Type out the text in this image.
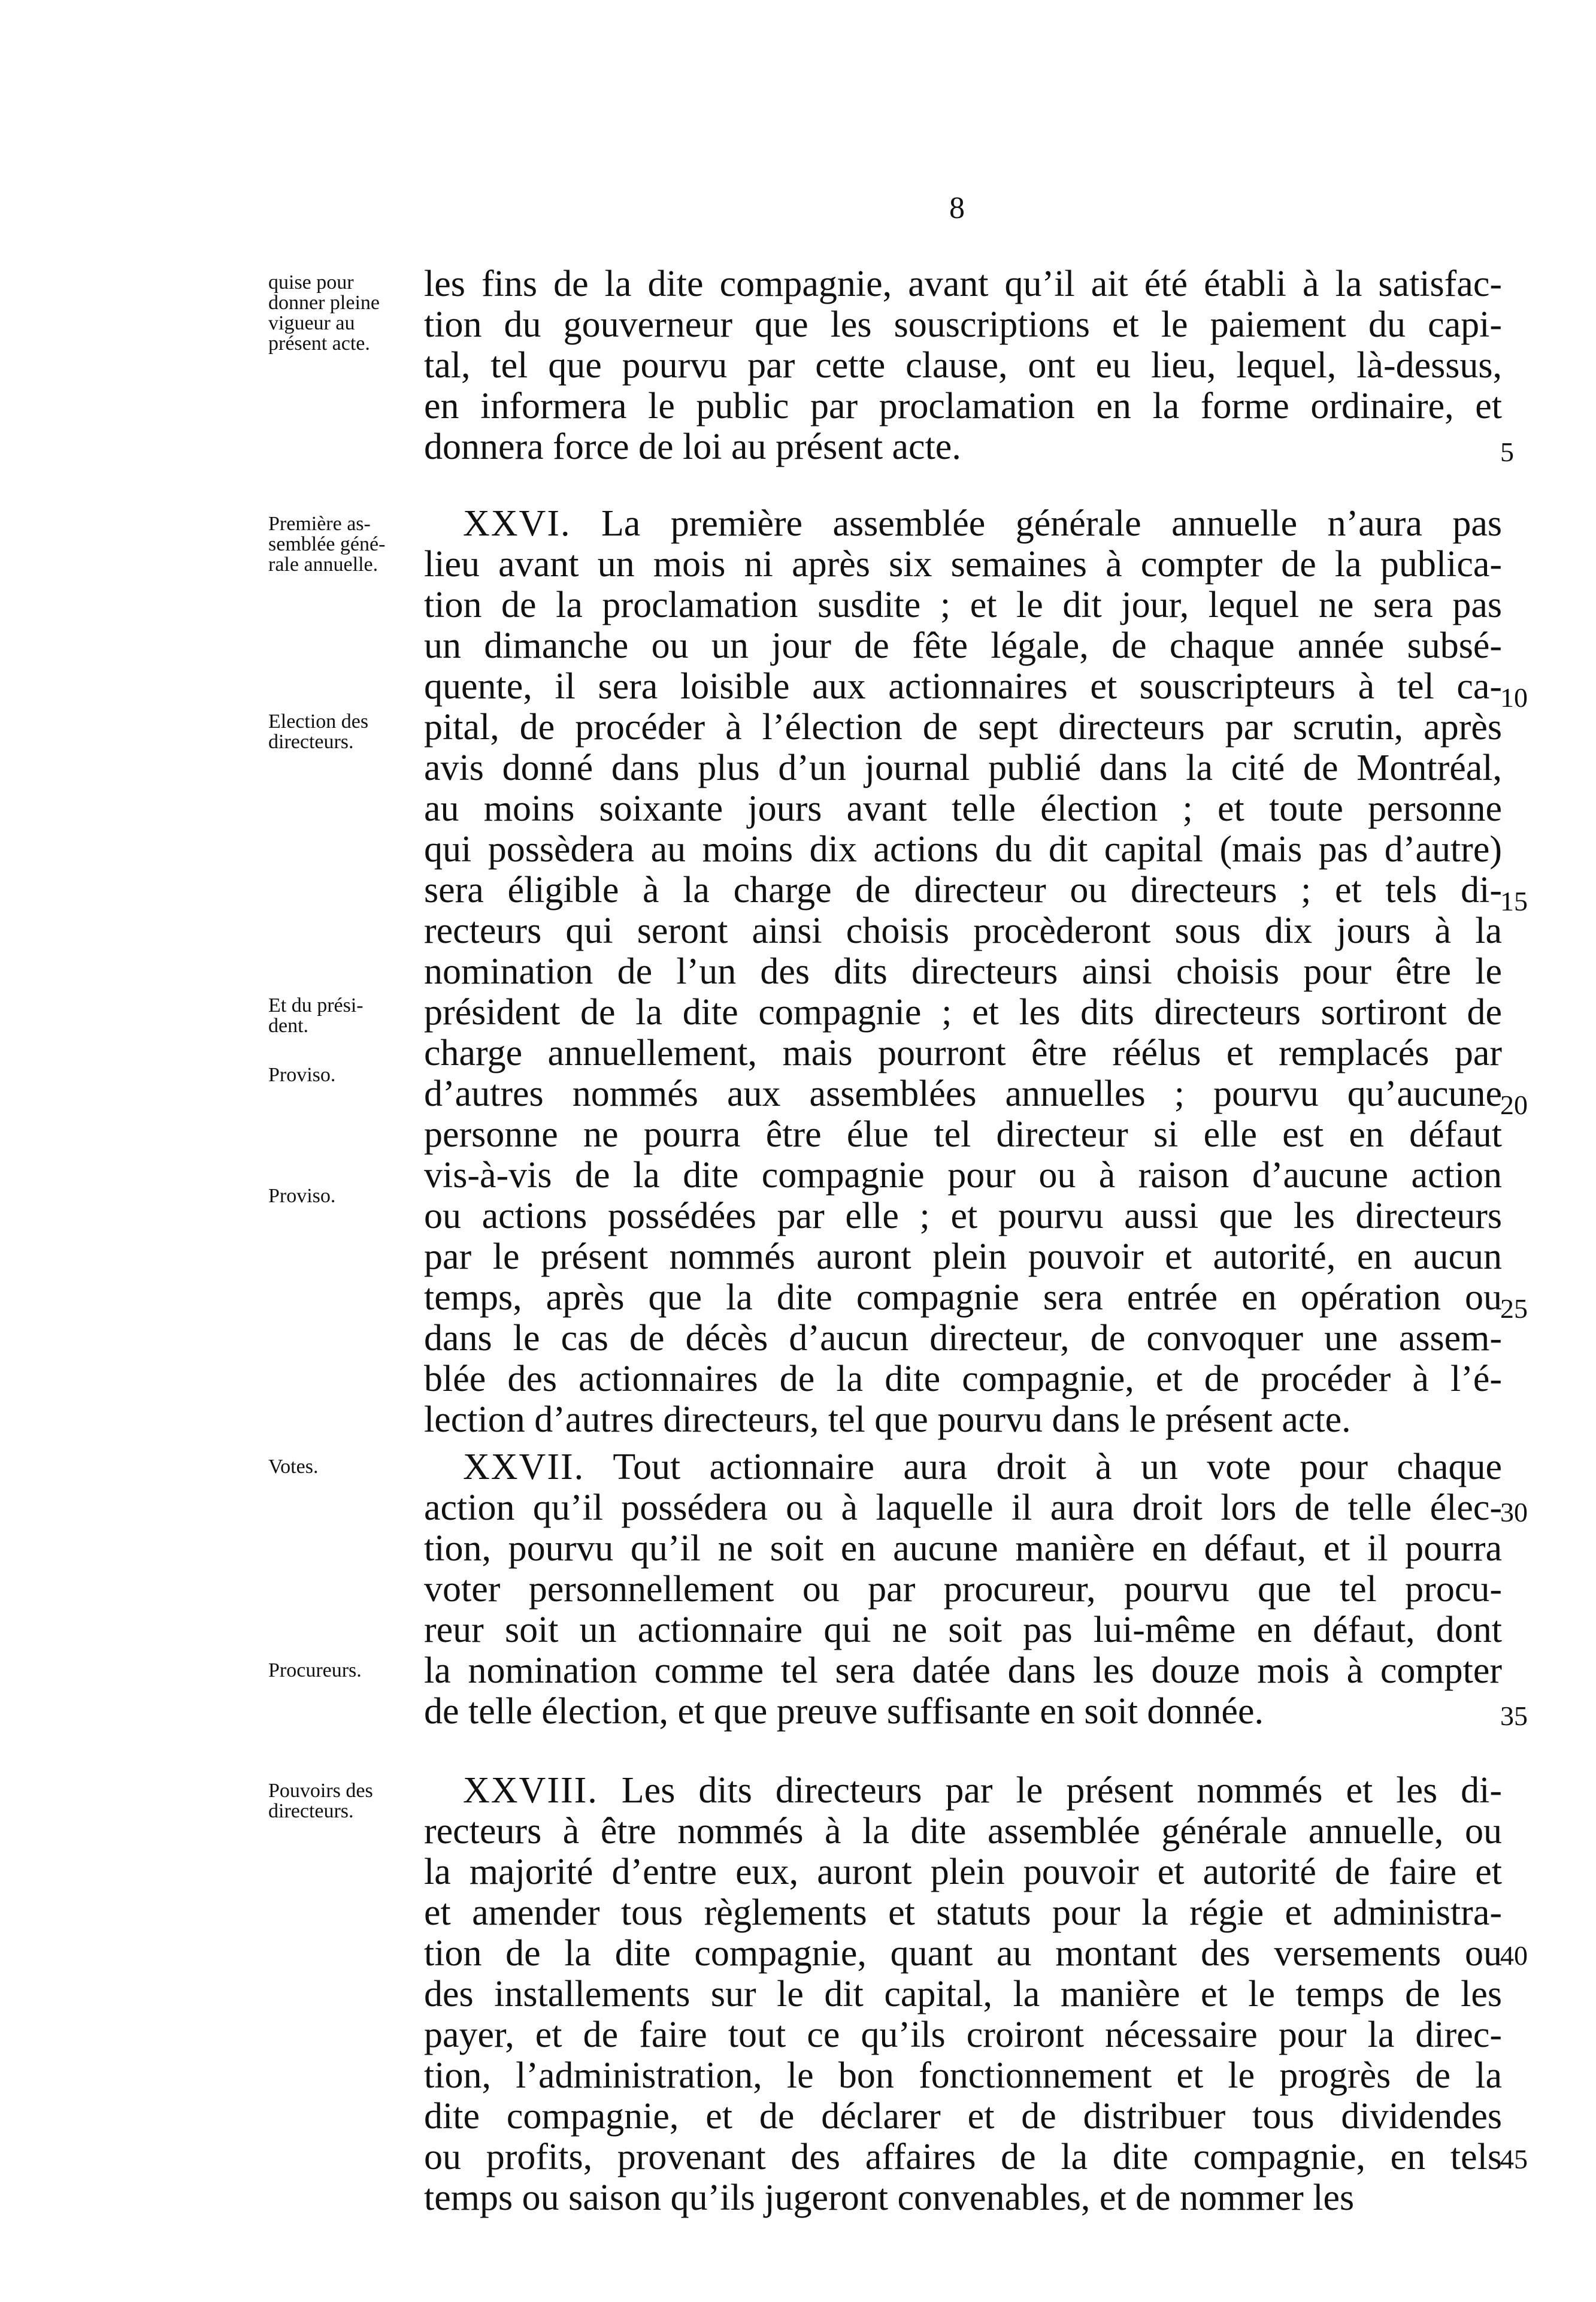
8
quise pour
donner pleine
vigueur au
présent acte.
Première as-
semblée géné-
rale annuelle.
Election des
directeurs.
Et du prési-
dent.
Proviso.
Proviso.
Votes.
Procureurs.
Pouvoirs des
directeurs.
les fins de la dite compagnie, avant qu’il ait été établi à la satisfac-
tion du gouverneur que les souscriptions et le paiement du capi-
tal, tel que pourvu par cette clause, ont eu lieu, lequel, là-dessus,
en informera le public par proclamation en la forme ordinaire, et
donnera force de loi au présent acte.
XXVI. La première assemblée générale annuelle n’aura pas
lieu avant un mois ni après six semaines à compter de la publica-
tion de la proclamation susdite ; et le dit jour, lequel ne sera pas
un dimanche ou un jour de fête légale, de chaque année subsé-
quente, il sera loisible aux actionnaires et souscripteurs à tel ca-
pital, de procéder à l’élection de sept directeurs par scrutin, après
avis donné dans plus d’un journal publié dans la cité de Montréal,
au moins soixante jours avant telle élection ; et toute personne
qui possèdera au moins dix actions du dit capital (mais pas d’autre)
sera éligible à la charge de directeur ou directeurs ; et tels di-
recteurs qui seront ainsi choisis procèderont sous dix jours à la
nomination de l’un des dits directeurs ainsi choisis pour être le
président de la dite compagnie ; et les dits directeurs sortiront de
charge annuellement, mais pourront être réélus et remplacés par
d’autres nommés aux assemblées annuelles ; pourvu qu’aucune
personne ne pourra être élue tel directeur si elle est en défaut
vis-à-vis de la dite compagnie pour ou à raison d’aucune action
ou actions possédées par elle ; et pourvu aussi que les directeurs
par le présent nommés auront plein pouvoir et autorité, en aucun
temps, après que la dite compagnie sera entrée en opération ou
dans le cas de décès d’aucun directeur, de convoquer une assem-
blée des actionnaires de la dite compagnie, et de procéder à l’é-
lection d’autres directeurs, tel que pourvu dans le présent acte.
XXVII. Tout actionnaire aura droit à un vote pour chaque
action qu’il possédera ou à laquelle il aura droit lors de telle élec-
tion, pourvu qu’il ne soit en aucune manière en défaut, et il pourra
voter personnellement ou par procureur, pourvu que tel procu-
reur soit un actionnaire qui ne soit pas lui-même en défaut, dont
la nomination comme tel sera datée dans les douze mois à compter
de telle élection, et que preuve suffisante en soit donnée.
XXVIII. Les dits directeurs par le présent nommés et les di-
recteurs à être nommés à la dite assemblée générale annuelle, ou
la majorité d’entre eux, auront plein pouvoir et autorité de faire et
et amender tous règlements et statuts pour la régie et administra-
tion de la dite compagnie, quant au montant des versements ou
des installements sur le dit capital, la manière et le temps de les
payer, et de faire tout ce qu’ils croiront nécessaire pour la direc-
tion, l’administration, le bon fonctionnement et le progrès de la
dite compagnie, et de déclarer et de distribuer tous dividendes
ou profits, provenant des affaires de la dite compagnie, en tels
temps ou saison qu’ils jugeront convenables, et de nommer les
5
10
15
20
25
30
35
40
45
